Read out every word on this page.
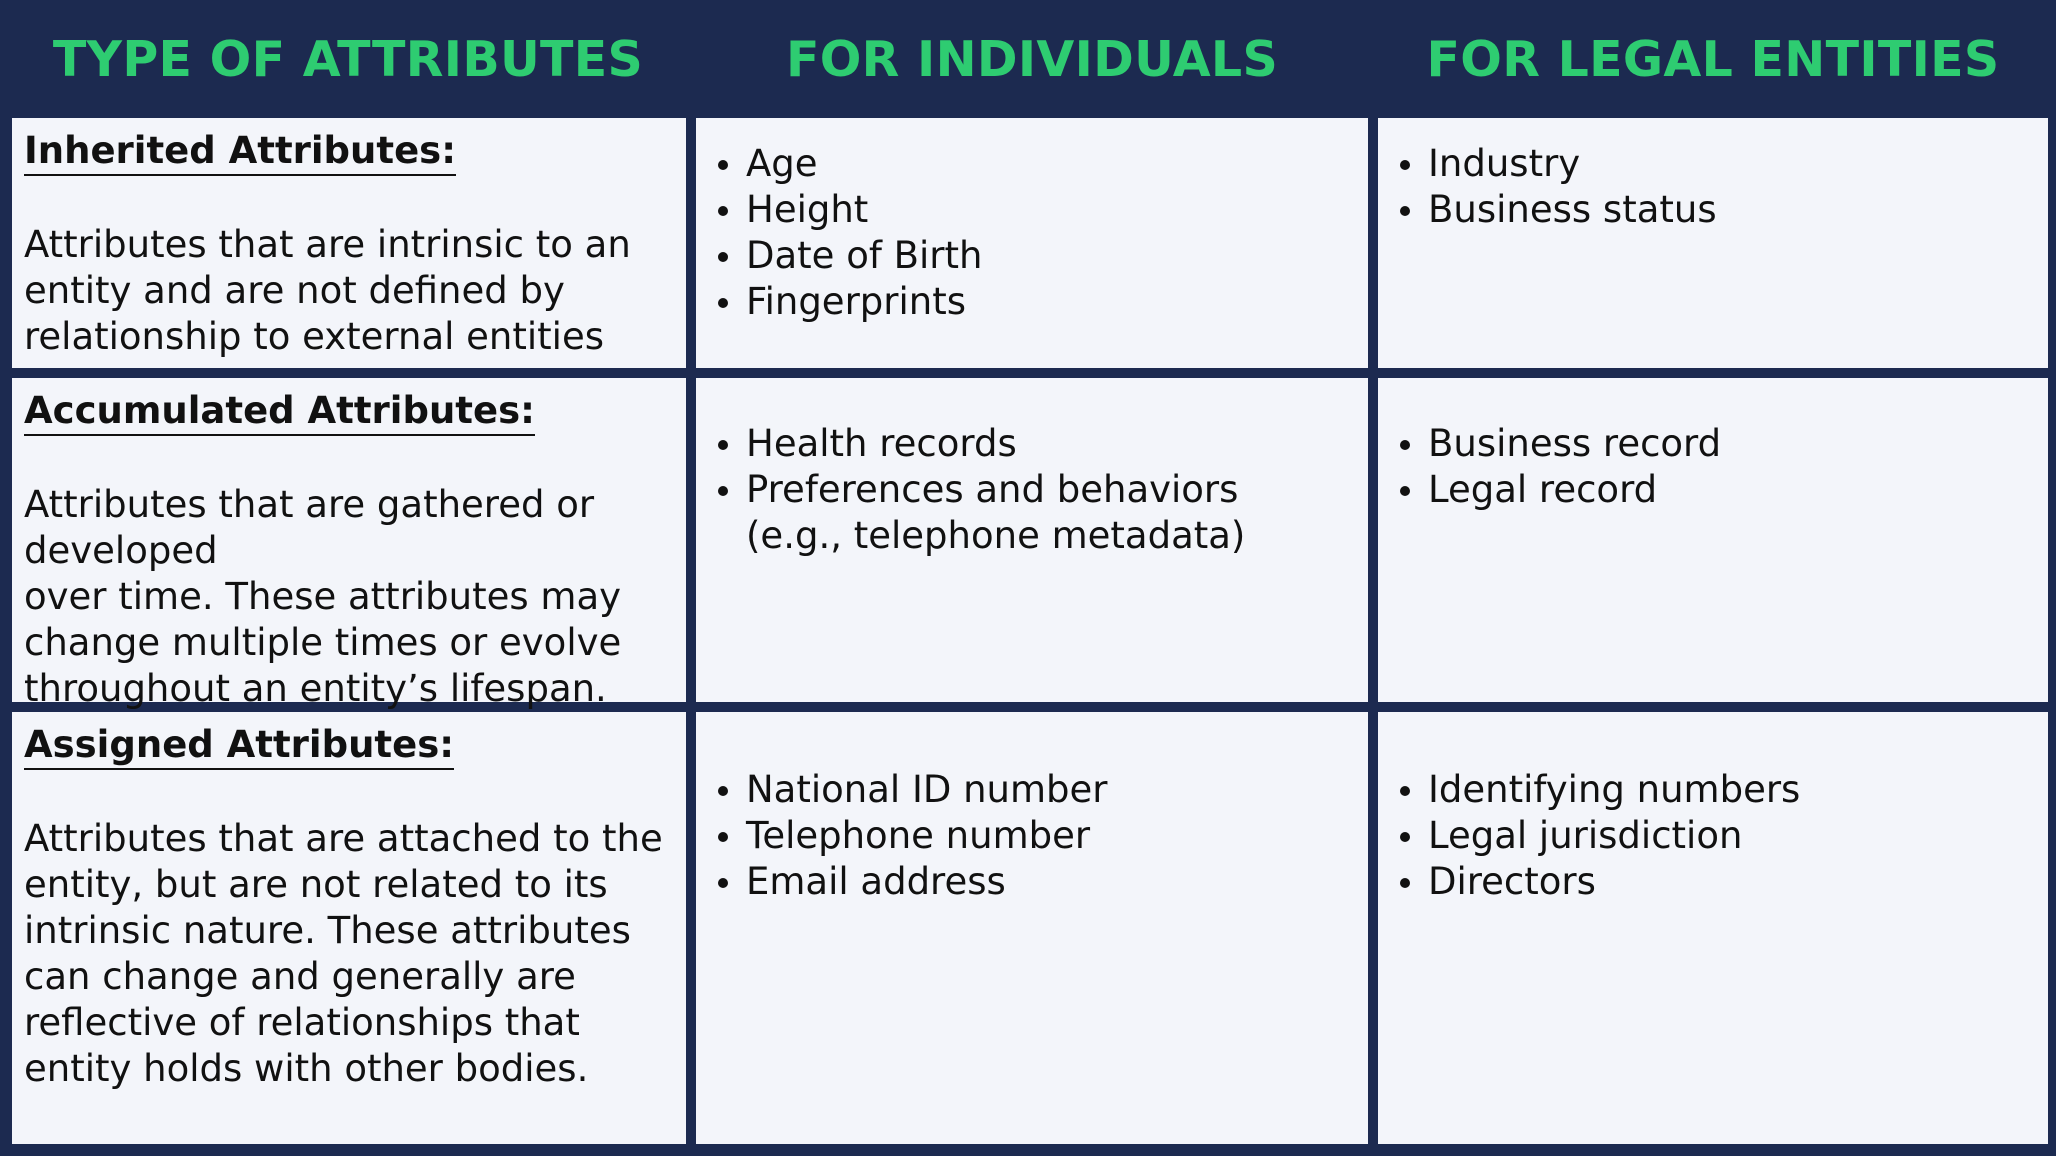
TYPE OF ATTRIBUTES	FOR INDIVIDUALS	FOR LEGAL ENTITIES
Inherited Attributes:
Attributes that are intrinsic to an
entity and are not defined by
relationship to external entities
Age
Height
Date of Birth
Fingerprints
Industry
Business status
Accumulated Attributes:
Attributes that are gathered or
developed
over time. These attributes may
change multiple times or evolve
throughout an entity’s lifespan.
Health records
Preferences and behaviors (e.g., telephone metadata)
Business record
Legal record
Assigned Attributes:
Attributes that are attached to the
entity, but are not related to its
intrinsic nature. These attributes
can change and generally are
reflective of relationships that
entity holds with other bodies.
National ID number
Telephone number
Email address
Identifying numbers
Legal jurisdiction
Directors
